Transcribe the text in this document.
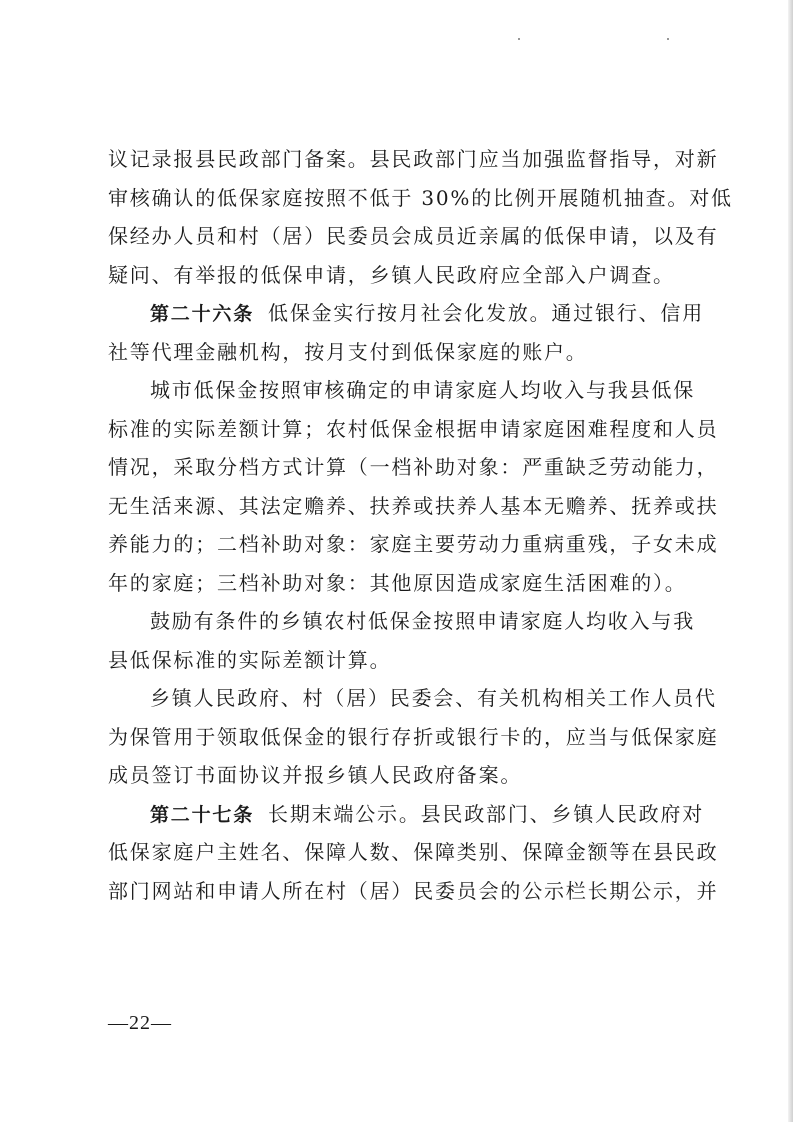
议记录报县民政部门备案。县民政部门应当加强监督指导，对新

审核确认的低保家庭按照不低于 30%的比例开展随机抽查。对低

保经办人员和村（居）民委员会成员近亲属的低保申请，以及有

疑问、有举报的低保申请，乡镇人民政府应全部入户调查。

第二十六条 低保金实行按月社会化发放。通过银行、信用

社等代理金融机构，按月支付到低保家庭的账户。

城市低保金按照审核确定的申请家庭人均收入与我县低保

标准的实际差额计算；农村低保金根据申请家庭困难程度和人员

情况，采取分档方式计算（一档补助对象：严重缺乏劳动能力，

无生活来源、其法定赡养、扶养或扶养人基本无赡养、抚养或扶

养能力的；二档补助对象：家庭主要劳动力重病重残，子女未成

年的家庭；三档补助对象：其他原因造成家庭生活困难的）。

鼓励有条件的乡镇农村低保金按照申请家庭人均收入与我

县低保标准的实际差额计算。

乡镇人民政府、村（居）民委会、有关机构相关工作人员代

为保管用于领取低保金的银行存折或银行卡的，应当与低保家庭

成员签订书面协议并报乡镇人民政府备案。

第二十七条 长期末端公示。县民政部门、乡镇人民政府对

低保家庭户主姓名、保障人数、保障类别、保障金额等在县民政

部门网站和申请人所在村（居）民委员会的公示栏长期公示，并

—22—
